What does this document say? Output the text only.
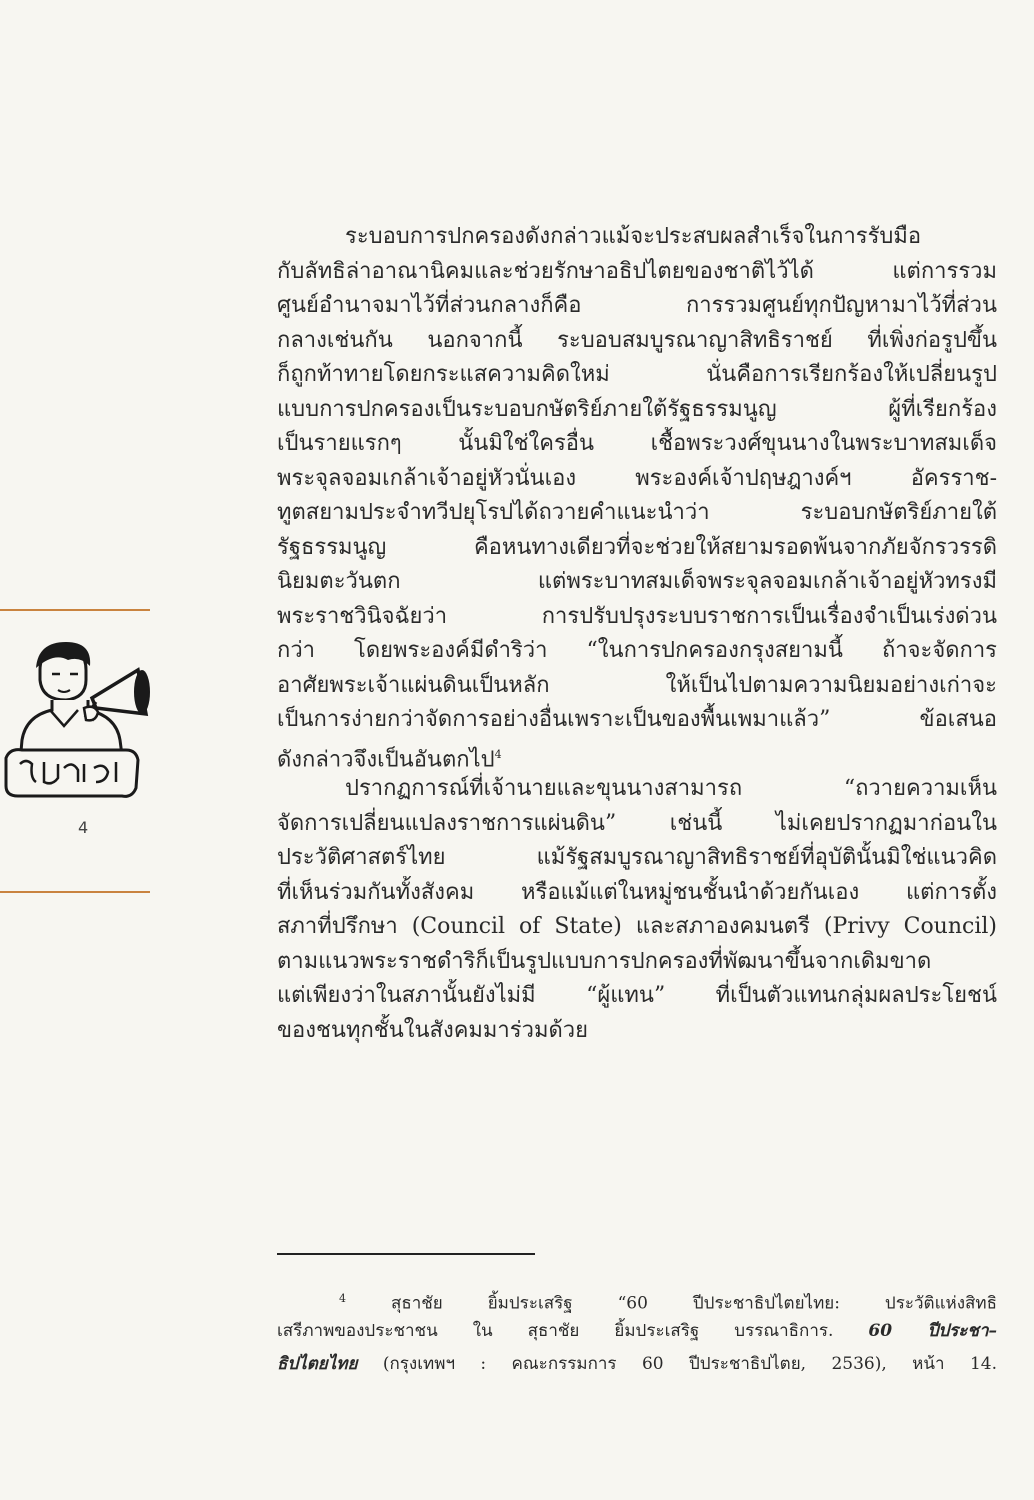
ระบอบการปกครองดังกล่าวแม้จะประสบผลสำเร็จในการรับมือ
กับลัทธิล่าอาณานิคมและช่วยรักษาอธิปไตยของชาติไว้ได้ แต่การรวม
ศูนย์อำนาจมาไว้ที่ส่วนกลางก็คือ การรวมศูนย์ทุกปัญหามาไว้ที่ส่วน
กลางเช่นกัน นอกจากนี้ ระบอบสมบูรณาญาสิทธิราชย์ ที่เพิ่งก่อรูปขึ้น
ก็ถูกท้าทายโดยกระแสความคิดใหม่ นั่นคือการเรียกร้องให้เปลี่ยนรูป
แบบการปกครองเป็นระบอบกษัตริย์ภายใต้รัฐธรรมนูญ ผู้ที่เรียกร้อง
เป็นรายแรกๆ นั้นมิใช่ใครอื่น เชื้อพระวงศ์ขุนนางในพระบาทสมเด็จ
พระจุลจอมเกล้าเจ้าอยู่หัวนั่นเอง พระองค์เจ้าปฤษฎางค์ฯ อัครราช-
ทูตสยามประจำทวีปยุโรปได้ถวายคำแนะนำว่า ระบอบกษัตริย์ภายใต้
รัฐธรรมนูญ คือหนทางเดียวที่จะช่วยให้สยามรอดพ้นจากภัยจักรวรรดิ
นิยมตะวันตก แต่พระบาทสมเด็จพระจุลจอมเกล้าเจ้าอยู่หัวทรงมี
พระราชวินิจฉัยว่า การปรับปรุงระบบราชการเป็นเรื่องจำเป็นเร่งด่วน
กว่า โดยพระองค์มีดำริว่า “ในการปกครองกรุงสยามนี้ ถ้าจะจัดการ
อาศัยพระเจ้าแผ่นดินเป็นหลัก ให้เป็นไปตามความนิยมอย่างเก่าจะ
เป็นการง่ายกว่าจัดการอย่างอื่นเพราะเป็นของพื้นเพมาแล้ว” ข้อเสนอ
ดังกล่าวจึงเป็นอันตกไป$^4$
ปรากฏการณ์ที่เจ้านายและขุนนางสามารถ “ถวายความเห็น
จัดการเปลี่ยนแปลงราชการแผ่นดิน” เช่นนี้ ไม่เคยปรากฏมาก่อนใน
ประวัติศาสตร์ไทย แม้รัฐสมบูรณาญาสิทธิราชย์ที่อุบัตินั้นมิใช่แนวคิด
ที่เห็นร่วมกันทั้งสังคม หรือแม้แต่ในหมู่ชนชั้นนำด้วยกันเอง แต่การตั้ง
สภาที่ปรึกษา (Council of State) และสภาองคมนตรี (Privy Council)
ตามแนวพระราชดำริก็เป็นรูปแบบการปกครองที่พัฒนาขึ้นจากเดิมขาด
แต่เพียงว่าในสภานั้นยังไม่มี “ผู้แทน” ที่เป็นตัวแทนกลุ่มผลประโยชน์
ของชนทุกชั้นในสังคมมาร่วมด้วย
4
$^4$	สุธาชัย ยิ้มประเสริฐ “60 ปีประชาธิปไตยไทย: ประวัติแห่งสิทธิ
เสรีภาพของประชาชน ใน สุธาชัย ยิ้มประเสริฐ บรรณาธิการ. 60 ปีประชา–
ธิปไตยไทย (กรุงเทพฯ : คณะกรรมการ 60 ปีประชาธิปไตย, 2536), หน้า 14.
